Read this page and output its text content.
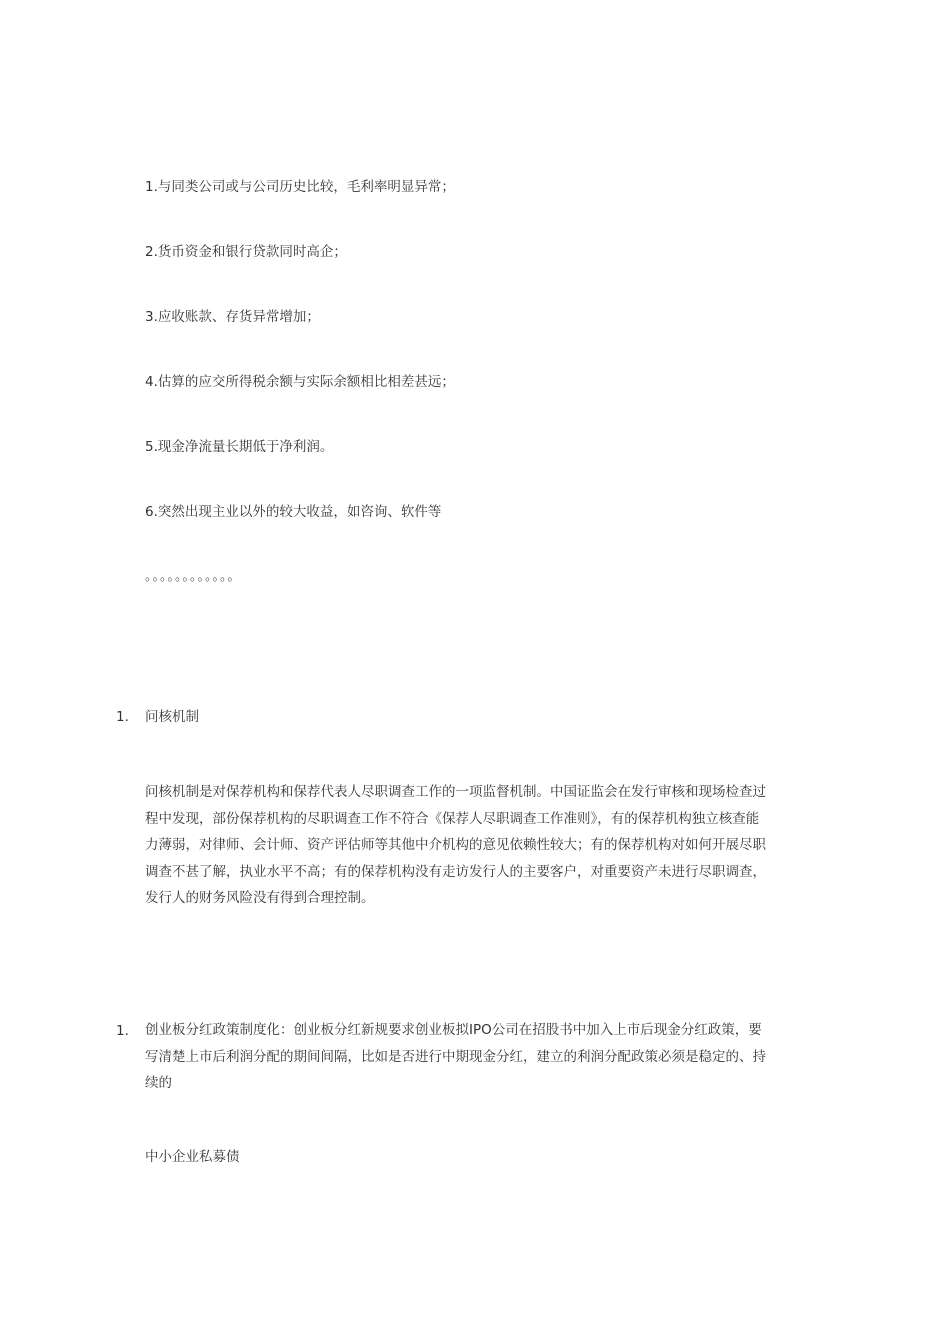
1.与同类公司或与公司历史比较，毛利率明显异常；
2.货币资金和银行贷款同时高企；
3.应收账款、存货异常增加；
4.估算的应交所得税余额与实际余额相比相差甚远；
5.现金净流量长期低于净利润。
6.突然出现主业以外的较大收益，如咨询、软件等
。。。。。。。。。。。。
1. 问核机制
问核机制是对保荐机构和保荐代表人尽职调查工作的一项监督机制。中国证监会在发行审核和现场检查过
程中发现，部份保荐机构的尽职调查工作不符合《保荐人尽职调查工作准则》，有的保荐机构独立核查能
力薄弱，对律师、会计师、资产评估师等其他中介机构的意见依赖性较大；有的保荐机构对如何开展尽职
调查不甚了解，执业水平不高；有的保荐机构没有走访发行人的主要客户，对重要资产未进行尽职调查，
发行人的财务风险没有得到合理控制。
1. 创业板分红政策制度化：创业板分红新规要求创业板拟IPO公司在招股书中加入上市后现金分红政策，要
写清楚上市后利润分配的期间间隔，比如是否进行中期现金分红，建立的利润分配政策必须是稳定的、持
续的
中小企业私募债
